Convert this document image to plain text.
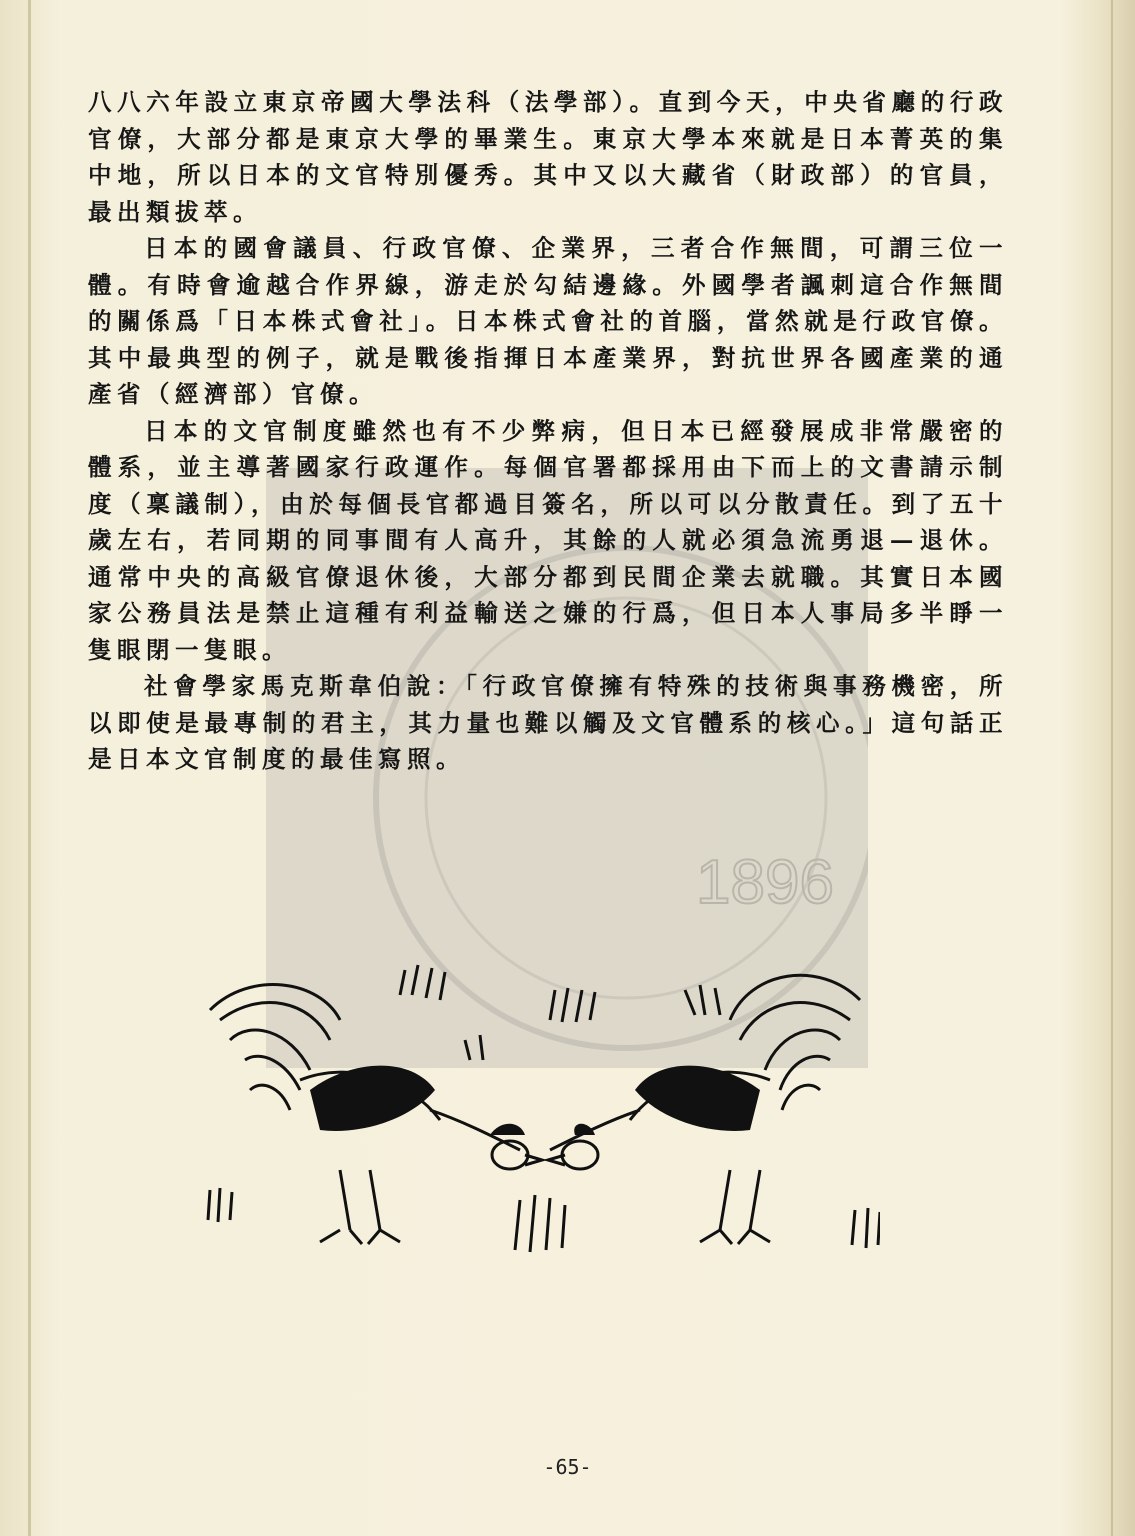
1896

八八六年設立東京帝國大學法科（法學部）。直到今天，中央省廳的行政官僚，大部分都是東京大學的畢業生。東京大學本來就是日本菁英的集中地，所以日本的文官特別優秀。其中又以大藏省（財政部）的官員，最出類拔萃。

日本的國會議員、行政官僚、企業界，三者合作無間，可謂三位一體。有時會逾越合作界線，游走於勾結邊緣。外國學者諷刺這合作無間的關係爲「日本株式會社」。日本株式會社的首腦，當然就是行政官僚。其中最典型的例子，就是戰後指揮日本產業界，對抗世界各國產業的通產省（經濟部）官僚。

日本的文官制度雖然也有不少弊病，但日本已經發展成非常嚴密的體系，並主導著國家行政運作。每個官署都採用由下而上的文書請示制度（稟議制），由於每個長官都過目簽名，所以可以分散責任。到了五十歲左右，若同期的同事間有人高升，其餘的人就必須急流勇退—退休。通常中央的高級官僚退休後，大部分都到民間企業去就職。其實日本國家公務員法是禁止這種有利益輸送之嫌的行爲，但日本人事局多半睜一隻眼閉一隻眼。

社會學家馬克斯韋伯說：「行政官僚擁有特殊的技術與事務機密，所以即使是最專制的君主，其力量也難以觸及文官體系的核心。」這句話正是日本文官制度的最佳寫照。

-65-
